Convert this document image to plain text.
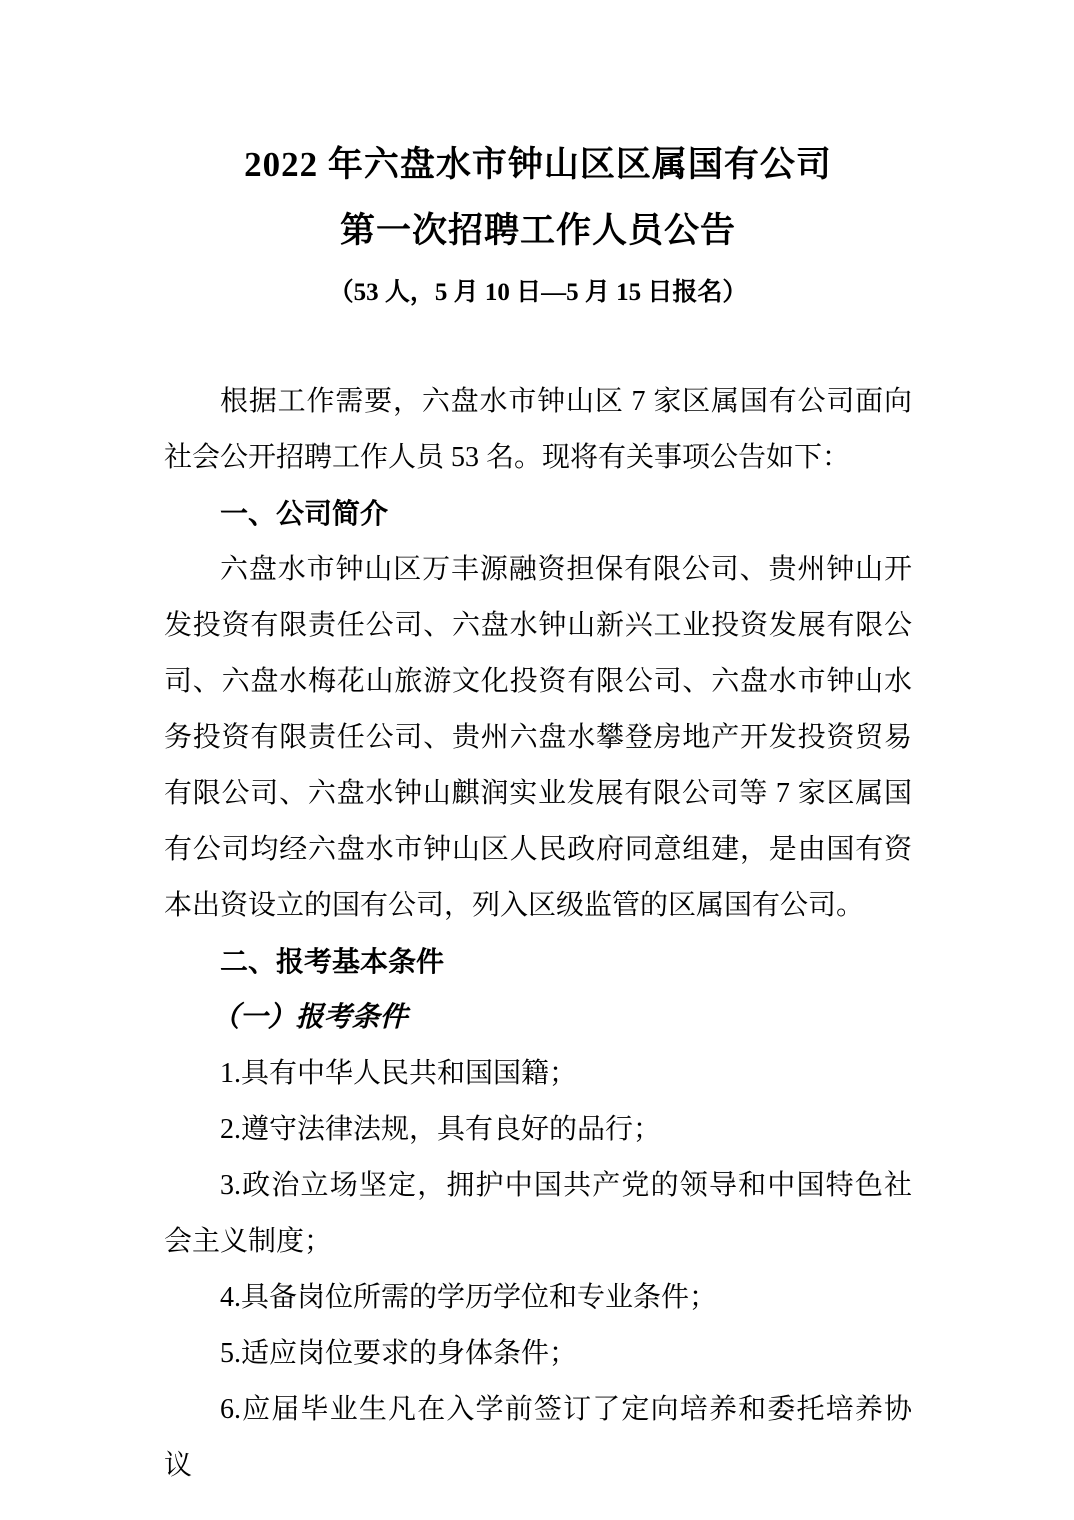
2022 年六盘水市钟山区区属国有公司
第一次招聘工作人员公告

（53 人，5 月 10 日—5 月 15 日报名）

根据工作需要，六盘水市钟山区 7 家区属国有公司面向社会公开招聘工作人员 53 名。现将有关事项公告如下：

一、公司简介

六盘水市钟山区万丰源融资担保有限公司、贵州钟山开发投资有限责任公司、六盘水钟山新兴工业投资发展有限公司、六盘水梅花山旅游文化投资有限公司、六盘水市钟山水务投资有限责任公司、贵州六盘水攀登房地产开发投资贸易有限公司、六盘水钟山麒润实业发展有限公司等 7 家区属国有公司均经六盘水市钟山区人民政府同意组建，是由国有资本出资设立的国有公司，列入区级监管的区属国有公司。

二、报考基本条件
（一）报考条件

1.具有中华人民共和国国籍；

2.遵守法律法规，具有良好的品行；

3.政治立场坚定，拥护中国共产党的领导和中国特色社会主义制度；

4.具备岗位所需的学历学位和专业条件；

5.适应岗位要求的身体条件；

6.应届毕业生凡在入学前签订了定向培养和委托培养协议
